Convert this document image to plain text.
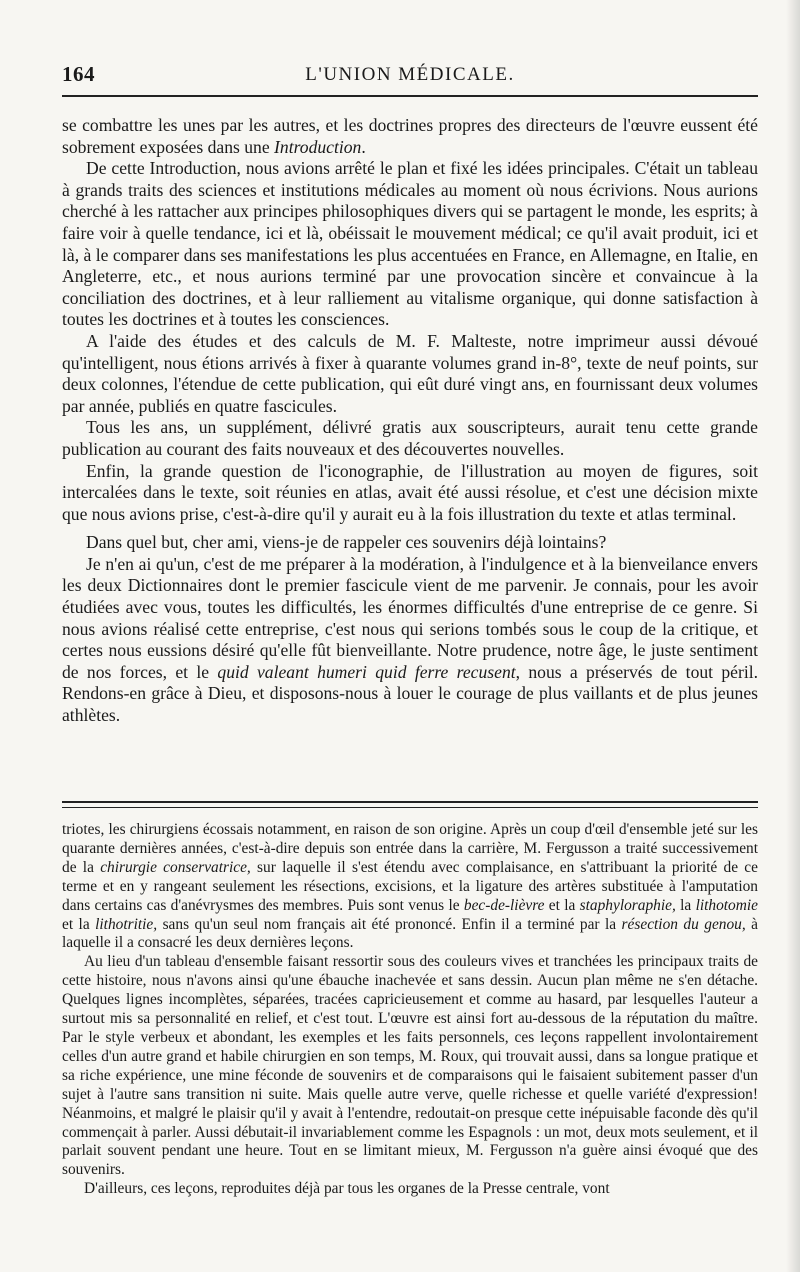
164	L'UNION MÉDICALE.

se combattre les unes par les autres, et les doctrines propres des directeurs de l'œuvre eussent été sobrement exposées dans une Introduction.

De cette Introduction, nous avions arrêté le plan et fixé les idées principales. C'était un tableau à grands traits des sciences et institutions médicales au moment où nous écrivions. Nous aurions cherché à les rattacher aux principes philosophiques divers qui se partagent le monde, les esprits; à faire voir à quelle tendance, ici et là, obéissait le mouvement médical; ce qu'il avait produit, ici et là, à le comparer dans ses manifestations les plus accentuées en France, en Allemagne, en Italie, en Angleterre, etc., et nous aurions terminé par une provocation sincère et convaincue à la conciliation des doctrines, et à leur ralliement au vitalisme organique, qui donne satisfaction à toutes les doctrines et à toutes les consciences.

A l'aide des études et des calculs de M. F. Malteste, notre imprimeur aussi dévoué qu'intelligent, nous étions arrivés à fixer à quarante volumes grand in-8°, texte de neuf points, sur deux colonnes, l'étendue de cette publication, qui eût duré vingt ans, en fournissant deux volumes par année, publiés en quatre fascicules.

Tous les ans, un supplément, délivré gratis aux souscripteurs, aurait tenu cette grande publication au courant des faits nouveaux et des découvertes nouvelles.

Enfin, la grande question de l'iconographie, de l'illustration au moyen de figures, soit intercalées dans le texte, soit réunies en atlas, avait été aussi résolue, et c'est une décision mixte que nous avions prise, c'est-à-dire qu'il y aurait eu à la fois illustration du texte et atlas terminal.

Dans quel but, cher ami, viens-je de rappeler ces souvenirs déjà lointains?

Je n'en ai qu'un, c'est de me préparer à la modération, à l'indulgence et à la bienveilance envers les deux Dictionnaires dont le premier fascicule vient de me parvenir. Je connais, pour les avoir étudiées avec vous, toutes les difficultés, les énormes difficultés d'une entreprise de ce genre. Si nous avions réalisé cette entreprise, c'est nous qui serions tombés sous le coup de la critique, et certes nous eussions désiré qu'elle fût bienveillante. Notre prudence, notre âge, le juste sentiment de nos forces, et le quid valeant humeri quid ferre recusent, nous a préservés de tout péril. Rendons-en grâce à Dieu, et disposons-nous à louer le courage de plus vaillants et de plus jeunes athlètes.

triotes, les chirurgiens écossais notamment, en raison de son origine. Après un coup d'œil d'ensemble jeté sur les quarante dernières années, c'est-à-dire depuis son entrée dans la carrière, M. Fergusson a traité successivement de la chirurgie conservatrice, sur laquelle il s'est étendu avec complaisance, en s'attribuant la priorité de ce terme et en y rangeant seulement les résections, excisions, et la ligature des artères substituée à l'amputation dans certains cas d'anévrysmes des membres. Puis sont venus le bec-de-lièvre et la staphyloraphie, la lithotomie et la lithotritie, sans qu'un seul nom français ait été prononcé. Enfin il a terminé par la résection du genou, à laquelle il a consacré les deux dernières leçons.

Au lieu d'un tableau d'ensemble faisant ressortir sous des couleurs vives et tranchées les principaux traits de cette histoire, nous n'avons ainsi qu'une ébauche inachevée et sans dessin. Aucun plan même ne s'en détache. Quelques lignes incomplètes, séparées, tracées capricieusement et comme au hasard, par lesquelles l'auteur a surtout mis sa personnalité en relief, et c'est tout. L'œuvre est ainsi fort au-dessous de la réputation du maître. Par le style verbeux et abondant, les exemples et les faits personnels, ces leçons rappellent involontairement celles d'un autre grand et habile chirurgien en son temps, M. Roux, qui trouvait aussi, dans sa longue pratique et sa riche expérience, une mine féconde de souvenirs et de comparaisons qui le faisaient subitement passer d'un sujet à l'autre sans transition ni suite. Mais quelle autre verve, quelle richesse et quelle variété d'expression! Néanmoins, et malgré le plaisir qu'il y avait à l'entendre, redoutait-on presque cette inépuisable faconde dès qu'il commençait à parler. Aussi débutait-il invariablement comme les Espagnols : un mot, deux mots seulement, et il parlait souvent pendant une heure. Tout en se limitant mieux, M. Fergusson n'a guère ainsi évoqué que des souvenirs.

D'ailleurs, ces leçons, reproduites déjà par tous les organes de la Presse centrale, vont
